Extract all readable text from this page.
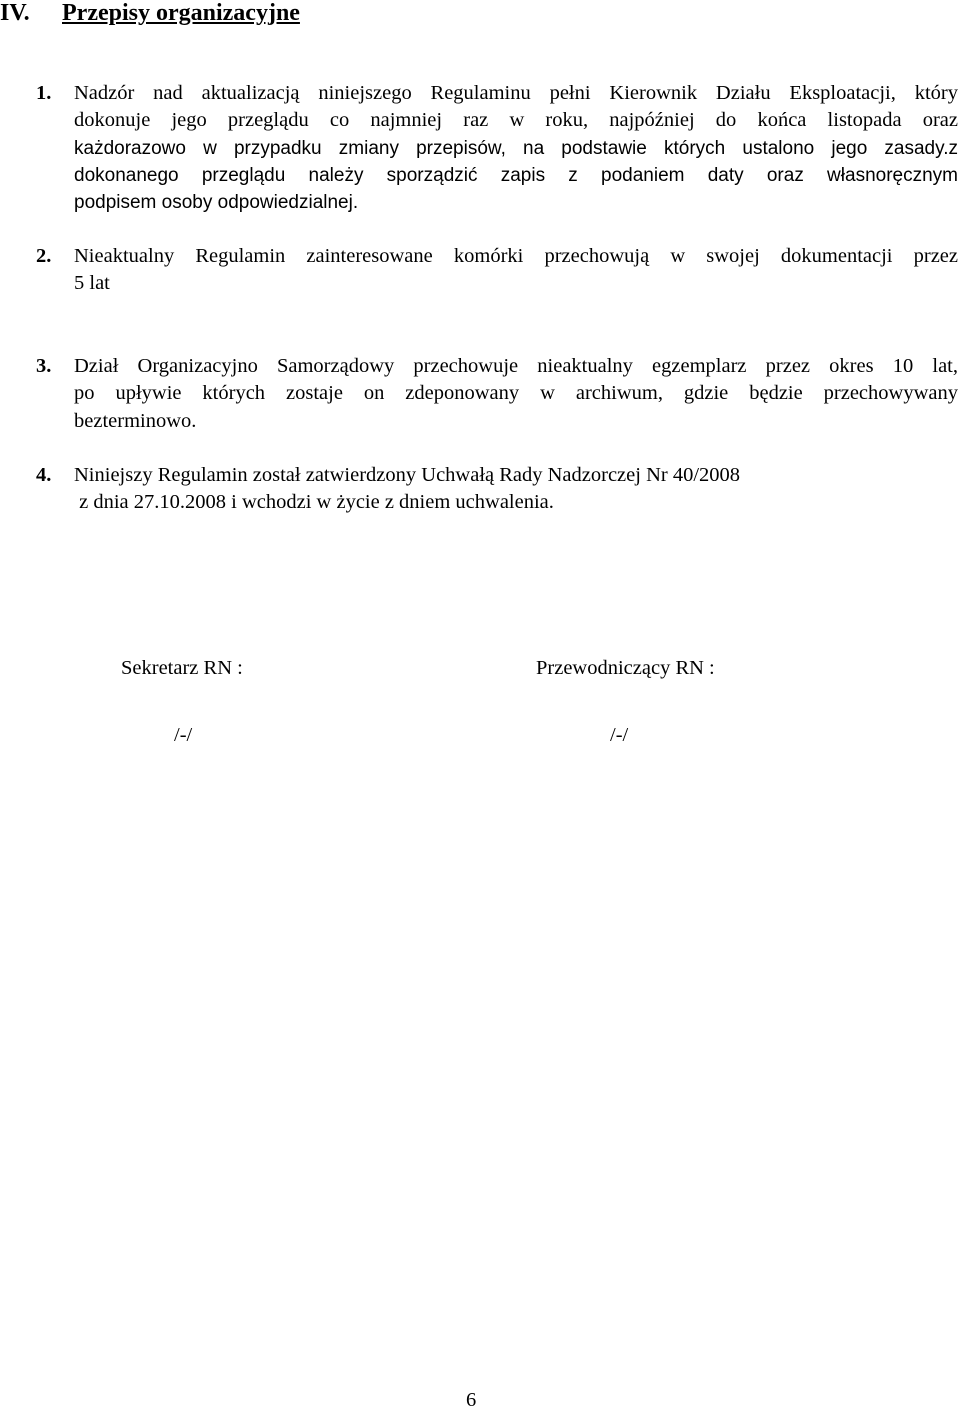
IV. Przepisy organizacyjne
1. Nadzór nad aktualizacją niniejszego Regulaminu pełni Kierownik Działu Eksploatacji, który
dokonuje jego przeglądu co najmniej raz w roku, najpóźniej do końca listopada oraz
każdorazowo w przypadku zmiany przepisów, na podstawie których ustalono jego zasady.z
dokonanego przeglądu należy sporządzić zapis z podaniem daty oraz własnoręcznym
podpisem osoby odpowiedzialnej.
2. Nieaktualny Regulamin zainteresowane komórki przechowują w swojej dokumentacji przez
5 lat
3. Dział Organizacyjno Samorządowy przechowuje nieaktualny egzemplarz przez okres 10 lat,
po upływie których zostaje on zdeponowany w archiwum, gdzie będzie przechowywany
bezterminowo.
4. Niniejszy Regulamin został zatwierdzony Uchwałą Rady Nadzorczej Nr 40/2008
z dnia 27.10.2008 i wchodzi w życie z dniem uchwalenia.
Sekretarz RN :	Przewodniczący RN :
/-/	/-/
6
